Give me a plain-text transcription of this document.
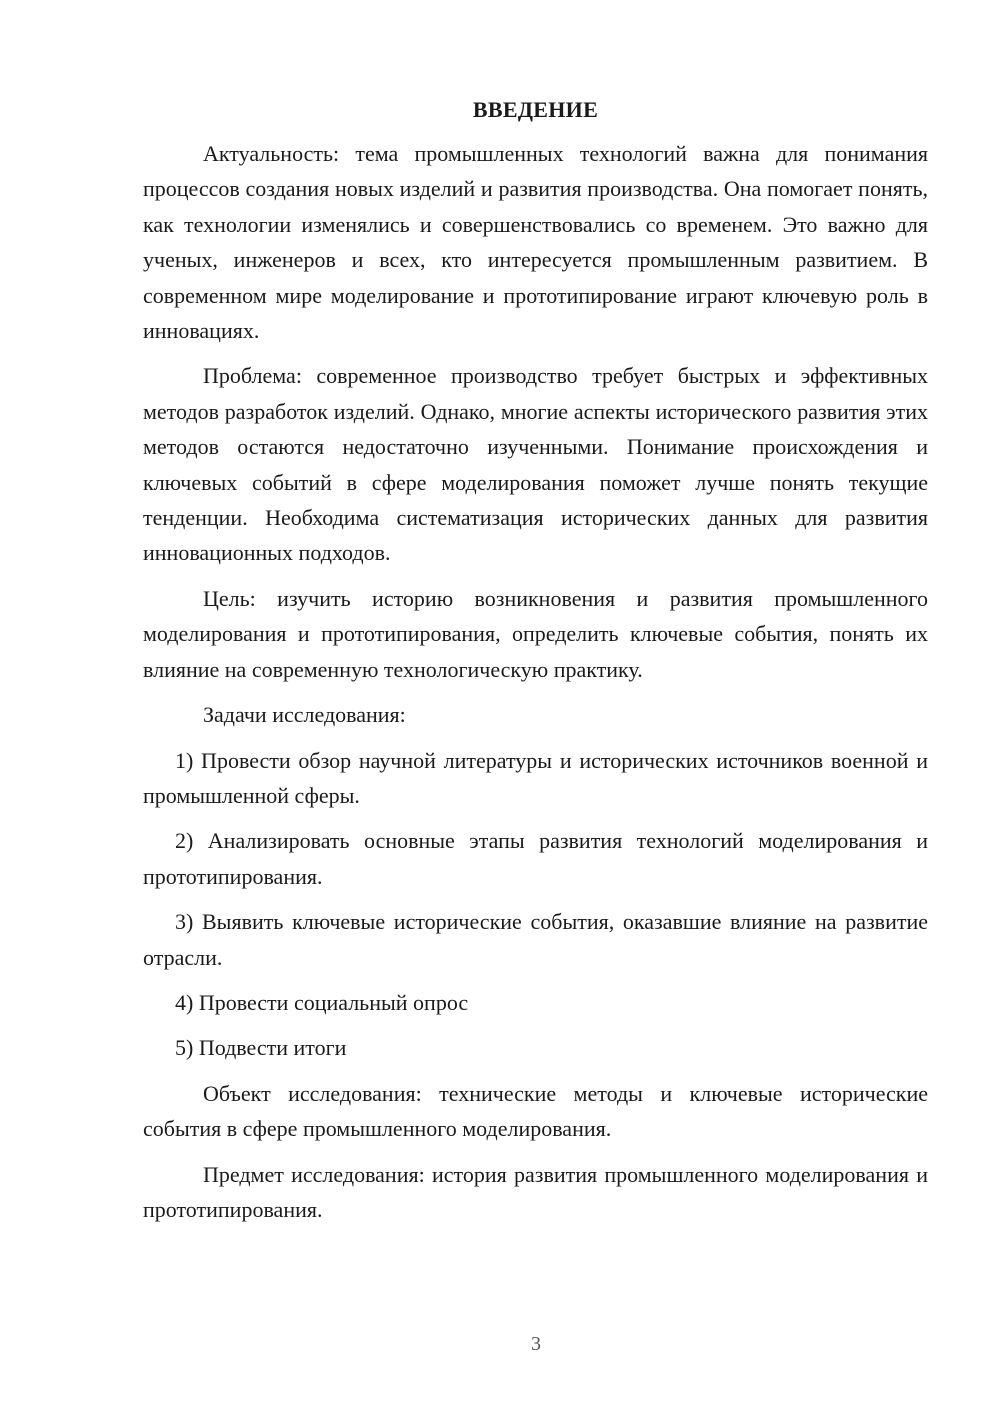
ВВЕДЕНИЕ

Актуальность: тема промышленных технологий важна для понимания процессов создания новых изделий и развития производства. Она помогает понять, как технологии изменялись и совершенствовались со временем. Это важно для ученых, инженеров и всех, кто интересуется промышленным развитием. В современном мире моделирование и прототипирование играют ключевую роль в инновациях.

Проблема: современное производство требует быстрых и эффективных методов разработок изделий. Однако, многие аспекты исторического развития этих методов остаются недостаточно изученными. Понимание происхождения и ключевых событий в сфере моделирования поможет лучше понять текущие тенденции. Необходима систематизация исторических данных для развития инновационных подходов.

Цель: изучить историю возникновения и развития промышленного моделирования и прототипирования, определить ключевые события, понять их влияние на современную технологическую практику.

Задачи исследования:

1) Провести обзор научной литературы и исторических источников военной и промышленной сферы.

2) Анализировать основные этапы развития технологий моделирования и прототипирования.

3) Выявить ключевые исторические события, оказавшие влияние на развитие отрасли.

4) Провести социальный опрос

5) Подвести итоги

Объект исследования: технические методы и ключевые исторические события в сфере промышленного моделирования.

Предмет исследования: история развития промышленного моделирования и прототипирования.

3
